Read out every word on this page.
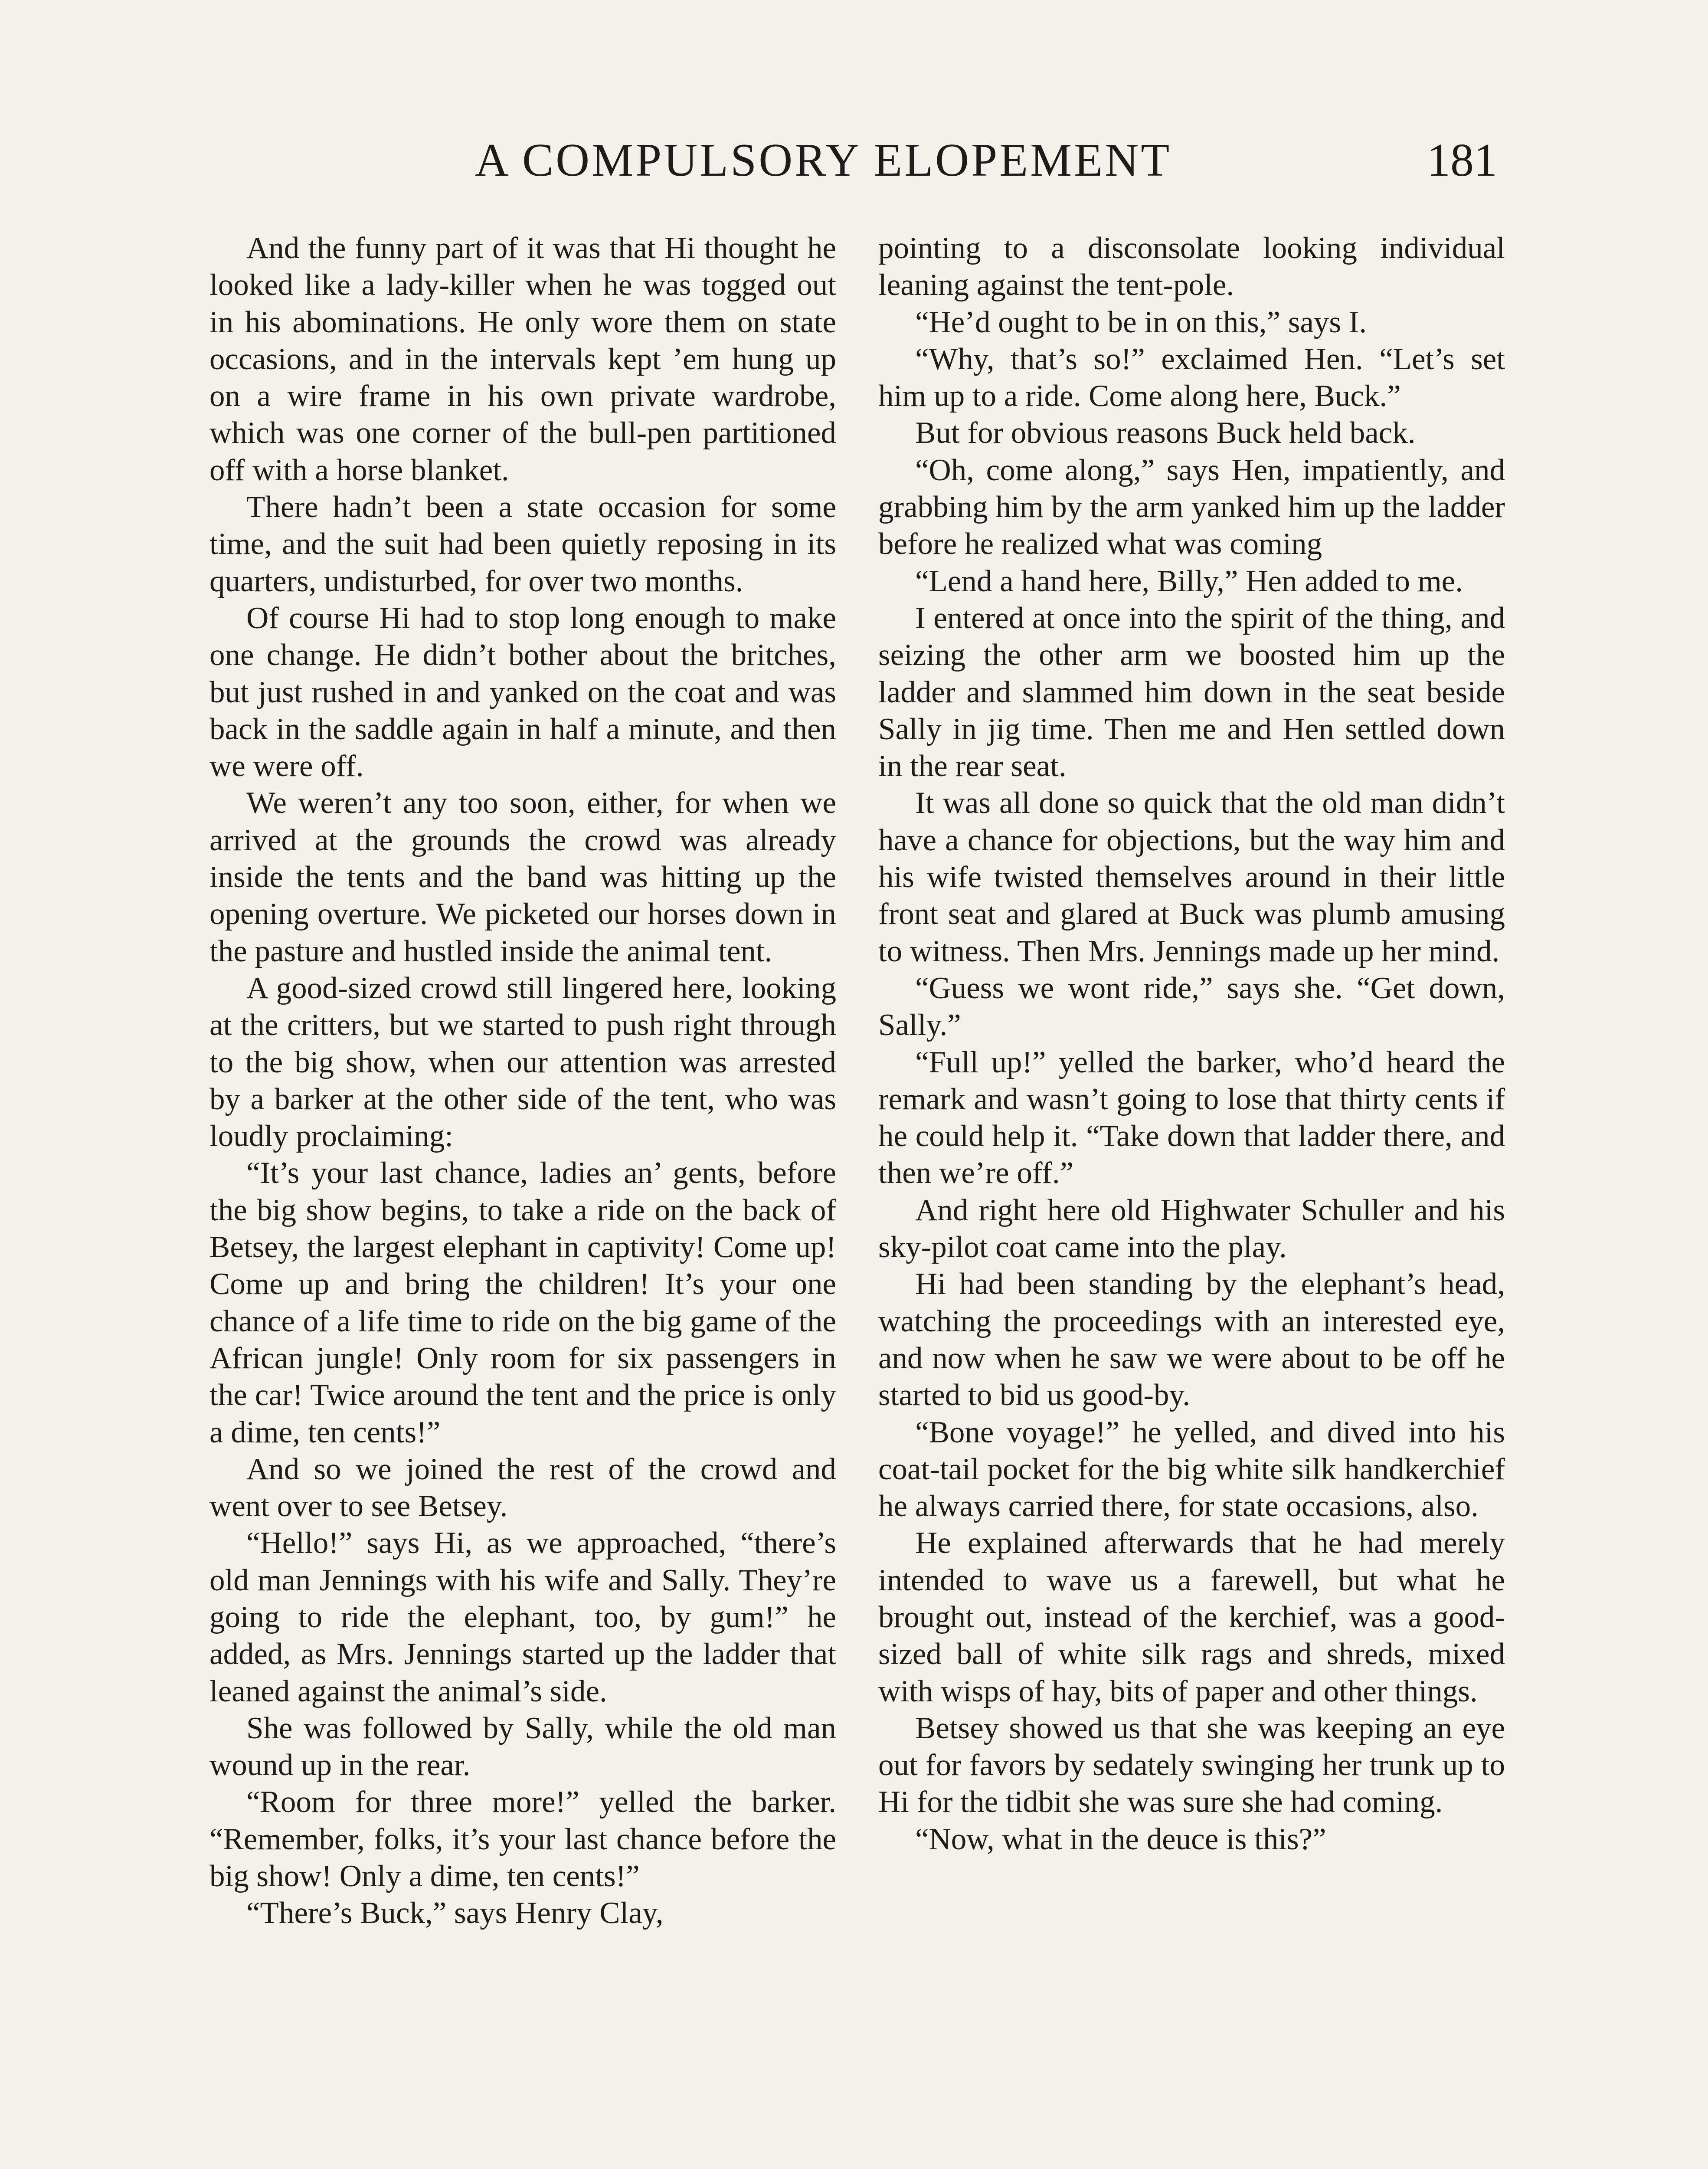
A COMPULSORY ELOPEMENT	181

And the funny part of it was that Hi thought he looked like a lady-killer when he was togged out in his abominations. He only wore them on state occasions, and in the intervals kept ’em hung up on a wire frame in his own private wardrobe, which was one corner of the bull-pen partitioned off with a horse blanket.

There hadn’t been a state occasion for some time, and the suit had been quietly reposing in its quarters, undisturbed, for over two months.

Of course Hi had to stop long enough to make one change. He didn’t bother about the britches, but just rushed in and yanked on the coat and was back in the saddle again in half a minute, and then we were off.

We weren’t any too soon, either, for when we arrived at the grounds the crowd was already inside the tents and the band was hitting up the opening overture. We picketed our horses down in the pasture and hustled inside the animal tent.

A good-sized crowd still lingered here, looking at the critters, but we started to push right through to the big show, when our attention was arrested by a barker at the other side of the tent, who was loudly proclaiming:

“It’s your last chance, ladies an’ gents, before the big show begins, to take a ride on the back of Betsey, the largest elephant in captivity! Come up! Come up and bring the children! It’s your one chance of a life time to ride on the big game of the African jungle! Only room for six passengers in the car! Twice around the tent and the price is only a dime, ten cents!”

And so we joined the rest of the crowd and went over to see Betsey.

“Hello!” says Hi, as we approached, “there’s old man Jennings with his wife and Sally. They’re going to ride the elephant, too, by gum!” he added, as Mrs. Jennings started up the ladder that leaned against the animal’s side.

She was followed by Sally, while the old man wound up in the rear.

“Room for three more!” yelled the barker. “Remember, folks, it’s your last chance before the big show! Only a dime, ten cents!”

“There’s Buck,” says Henry Clay,

pointing to a disconsolate looking individual leaning against the tent-pole.

“He’d ought to be in on this,” says I.

“Why, that’s so!” exclaimed Hen. “Let’s set him up to a ride. Come along here, Buck.”

But for obvious reasons Buck held back.

“Oh, come along,” says Hen, impatiently, and grabbing him by the arm yanked him up the ladder before he realized what was coming

“Lend a hand here, Billy,” Hen added to me.

I entered at once into the spirit of the thing, and seizing the other arm we boosted him up the ladder and slammed him down in the seat beside Sally in jig time. Then me and Hen settled down in the rear seat.

It was all done so quick that the old man didn’t have a chance for objections, but the way him and his wife twisted themselves around in their little front seat and glared at Buck was plumb amusing to witness. Then Mrs. Jennings made up her mind.

“Guess we wont ride,” says she. “Get down, Sally.”

“Full up!” yelled the barker, who’d heard the remark and wasn’t going to lose that thirty cents if he could help it. “Take down that ladder there, and then we’re off.”

And right here old Highwater Schuller and his sky-pilot coat came into the play.

Hi had been standing by the elephant’s head, watching the proceedings with an interested eye, and now when he saw we were about to be off he started to bid us good-by.

“Bone voyage!” he yelled, and dived into his coat-tail pocket for the big white silk handkerchief he always carried there, for state occasions, also.

He explained afterwards that he had merely intended to wave us a farewell, but what he brought out, instead of the kerchief, was a good-sized ball of white silk rags and shreds, mixed with wisps of hay, bits of paper and other things.

Betsey showed us that she was keeping an eye out for favors by sedately swinging her trunk up to Hi for the tidbit she was sure she had coming.

“Now, what in the deuce is this?”
